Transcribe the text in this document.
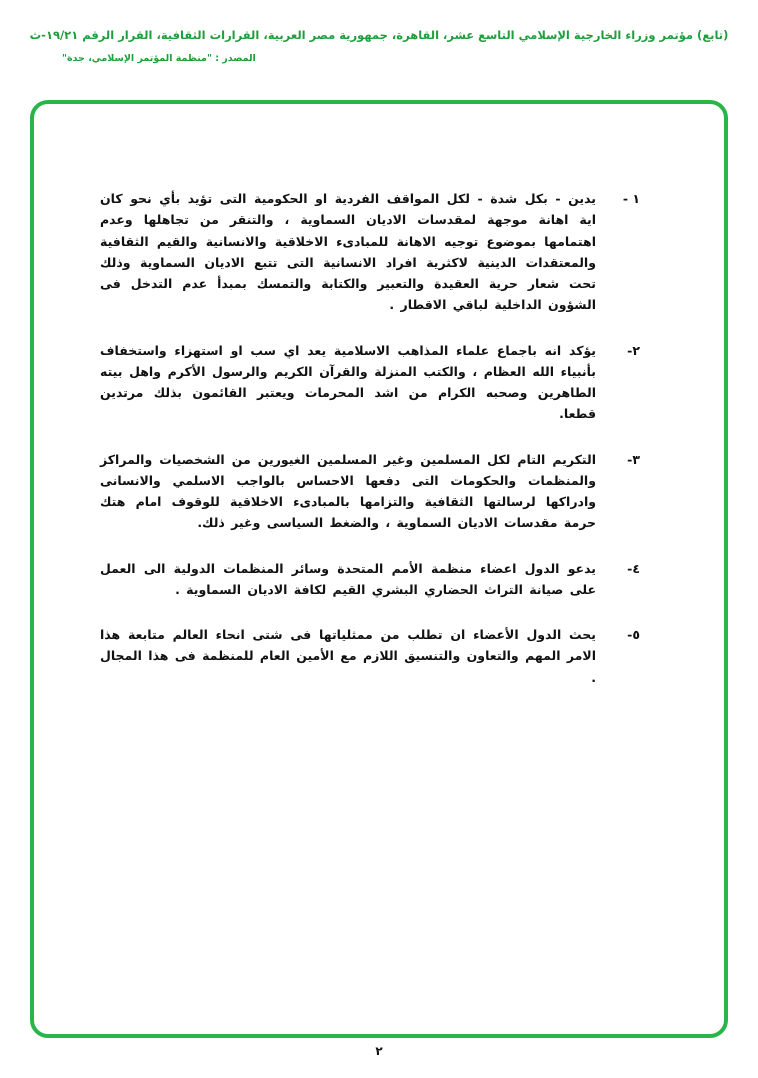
(تابع) مؤتمر وزراء الخارجية الإسلامي التاسع عشر، القاهرة، جمهورية مصر العربية، القرارات الثقافية، القرار الرقم ١٩/٢١-ث
المصدر : "منظمة المؤتمر الإسلامي، جدة"
١ -
يدين - بكل شدة - لكل المواقف الفردية او الحكومية التى تؤيد بأي نحو كان اية اهانة موجهة لمقدسات الاديان السماوية ، والتنقر من تجاهلها وعدم اهتمامها بموضوع توجيه الاهانة للمبادىء الاخلاقية والانسانية والقيم الثقافية والمعتقدات الدينية لاكثرية افراد الانسانية التى تتبع الاديان السماوية وذلك تحت شعار حرية العقيدة والتعبير والكتابة والتمسك بمبدأ عدم التدخل فى الشؤون الداخلية لباقي الاقطار .
٢-
يؤكد انه باجماع علماء المذاهب الاسلامية يعد اي سب او استهزاء واستخفاف بأنبياء الله العظام ، والكتب المنزلة والقرآن الكريم والرسول الأكرم واهل بيته الطاهرين وصحبه الكرام من اشد المحرمات ويعتبر القائمون بذلك مرتدين قطعا.
٣-
التكريم التام لكل المسلمين وغير المسلمين الغيورين من الشخصيات والمراكز والمنظمات والحكومات التى دفعها الاحساس بالواجب الاسلمي والانسانى وادراكها لرسالتها الثقافية والتزامها بالمبادىء الاخلاقية للوقوف امام هتك حرمة مقدسات الاديان السماوية ، والضغط السياسى وغير ذلك.
٤-
يدعو الدول اعضاء منظمة الأمم المتحدة وسائر المنظمات الدولية الى العمل على صيانة التراث الحضاري البشري القيم لكافة الاديان السماوية .
٥-
يحث الدول الأعضاء ان تطلب من ممثلياتها فى شتى انحاء العالم متابعة هذا الامر المهم والتعاون والتنسيق اللازم مع الأمين العام للمنظمة فى هذا المجال .
٢
